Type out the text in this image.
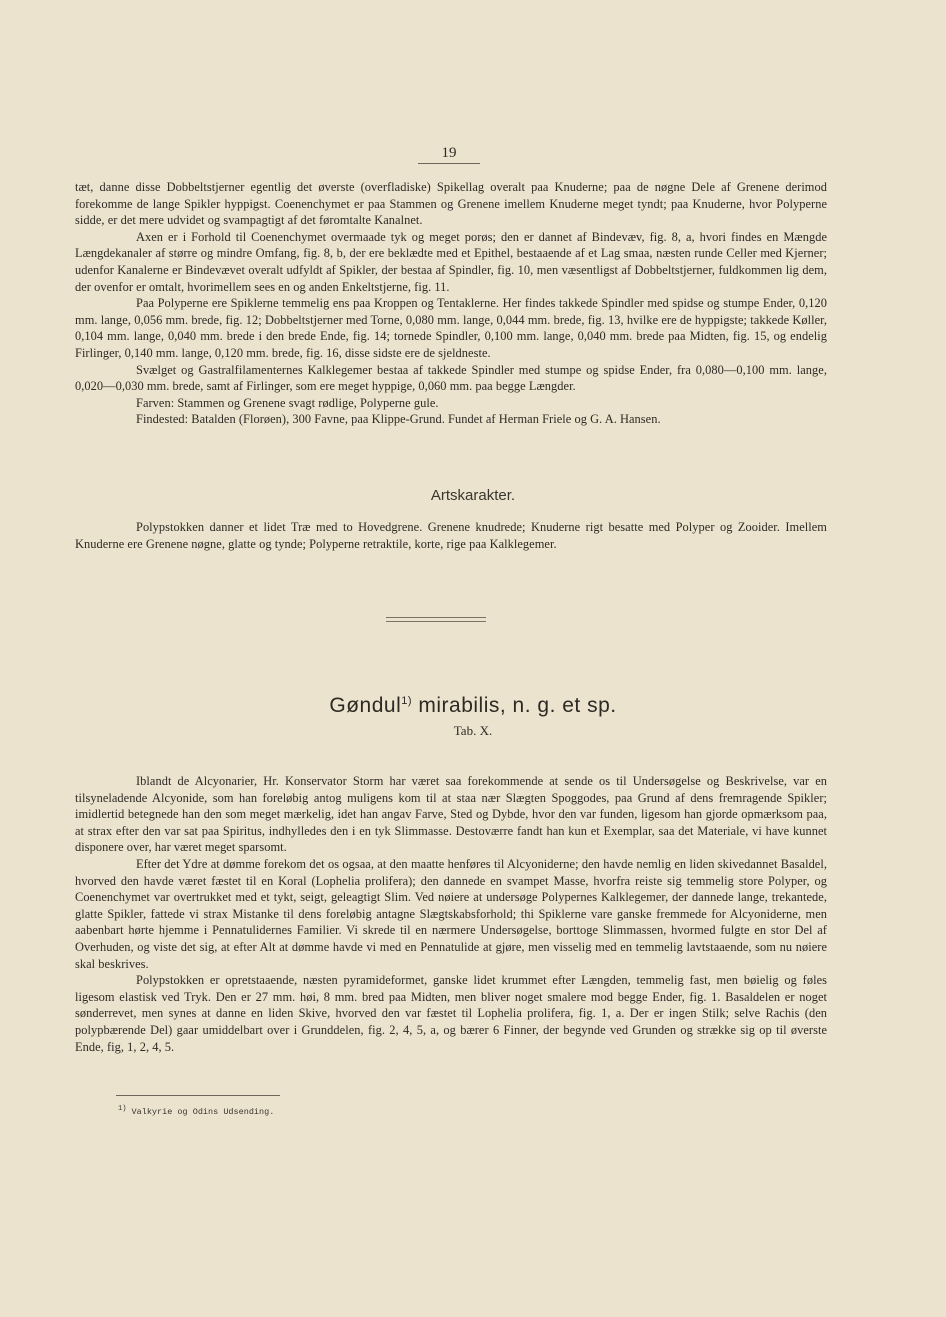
19

tæt, danne disse Dobbeltstjerner egentlig det øverste (overfladiske) Spikellag overalt paa Knuderne; paa de nøgne Dele af Grenene derimod forekomme de lange Spikler hyppigst. Coenenchymet er paa Stammen og Grenene imellem Knuderne meget tyndt; paa Knuderne, hvor Polyperne sidde, er det mere udvidet og svampagtigt af det føromtalte Kanalnet.

Axen er i Forhold til Coenenchymet overmaade tyk og meget porøs; den er dannet af Bindevæv, fig. 8, a, hvori findes en Mængde Længdekanaler af større og mindre Omfang, fig. 8, b, der ere beklædte med et Epithel, bestaaende af et Lag smaa, næsten runde Celler med Kjerner; udenfor Kanalerne er Bindevævet overalt udfyldt af Spikler, der bestaa af Spindler, fig. 10, men væsentligst af Dobbeltstjerner, fuldkommen lig dem, der ovenfor er omtalt, hvorimellem sees en og anden Enkeltstjerne, fig. 11.

Paa Polyperne ere Spiklerne temmelig ens paa Kroppen og Tentaklerne. Her findes takkede Spindler med spidse og stumpe Ender, 0,120 mm. lange, 0,056 mm. brede, fig. 12; Dobbeltstjerner med Torne, 0,080 mm. lange, 0,044 mm. brede, fig. 13, hvilke ere de hyppigste; takkede Køller, 0,104 mm. lange, 0,040 mm. brede i den brede Ende, fig. 14; tornede Spindler, 0,100 mm. lange, 0,040 mm. brede paa Midten, fig. 15, og endelig Firlinger, 0,140 mm. lange, 0,120 mm. brede, fig. 16, disse sidste ere de sjeldneste.

Svælget og Gastralfilamenternes Kalklegemer bestaa af takkede Spindler med stumpe og spidse Ender, fra 0,080—0,100 mm. lange, 0,020—0,030 mm. brede, samt af Firlinger, som ere meget hyppige, 0,060 mm. paa begge Længder.

Farven: Stammen og Grenene svagt rødlige, Polyperne gule.

Findested: Batalden (Florøen), 300 Favne, paa Klippe-Grund. Fundet af Herman Friele og G. A. Hansen.

Artskarakter.

Polypstokken danner et lidet Træ med to Hovedgrene. Grenene knudrede; Knuderne rigt besatte med Polyper og Zooider. Imellem Knuderne ere Grenene nøgne, glatte og tynde; Polyperne retraktile, korte, rige paa Kalklegemer.

Gøndul$^{1)}$ mirabilis, n. g. et sp.
Tab. X.

Iblandt de Alcyonarier, Hr. Konservator Storm har været saa forekommende at sende os til Undersøgelse og Beskrivelse, var en tilsyneladende Alcyonide, som han foreløbig antog muligens kom til at staa nær Slægten Spoggodes, paa Grund af dens fremragende Spikler; imidlertid betegnede han den som meget mærkelig, idet han angav Farve, Sted og Dybde, hvor den var funden, ligesom han gjorde opmærksom paa, at strax efter den var sat paa Spiritus, indhylledes den i en tyk Slimmasse. Destoværre fandt han kun et Exemplar, saa det Materiale, vi have kunnet disponere over, har været meget sparsomt.

Efter det Ydre at dømme forekom det os ogsaa, at den maatte henføres til Alcyoniderne; den havde nemlig en liden skivedannet Basaldel, hvorved den havde været fæstet til en Koral (Lophelia prolifera); den dannede en svampet Masse, hvorfra reiste sig temmelig store Polyper, og Coenenchymet var overtrukket med et tykt, seigt, geleagtigt Slim. Ved nøiere at undersøge Polypernes Kalklegemer, der dannede lange, trekantede, glatte Spikler, fattede vi strax Mistanke til dens foreløbig antagne Slægtskabsforhold; thi Spiklerne vare ganske fremmede for Alcyoniderne, men aabenbart hørte hjemme i Pennatulidernes Familier. Vi skrede til en nærmere Undersøgelse, borttoge Slimmassen, hvormed fulgte en stor Del af Overhuden, og viste det sig, at efter Alt at dømme havde vi med en Pennatulide at gjøre, men visselig med en temmelig lavtstaaende, som nu nøiere skal beskrives.

Polypstokken er opretstaaende, næsten pyramideformet, ganske lidet krummet efter Længden, temmelig fast, men bøielig og føles ligesom elastisk ved Tryk. Den er 27 mm. høi, 8 mm. bred paa Midten, men bliver noget smalere mod begge Ender, fig. 1. Basaldelen er noget sønderrevet, men synes at danne en liden Skive, hvorved den var fæstet til Lophelia prolifera, fig. 1, a. Der er ingen Stilk; selve Rachis (den polypbærende Del) gaar umiddelbart over i Grunddelen, fig. 2, 4, 5, a, og bærer 6 Finner, der begynde ved Grunden og strække sig op til øverste Ende, fig, 1, 2, 4, 5.

$^{1)}$ Valkyrie og Odins Udsending.
